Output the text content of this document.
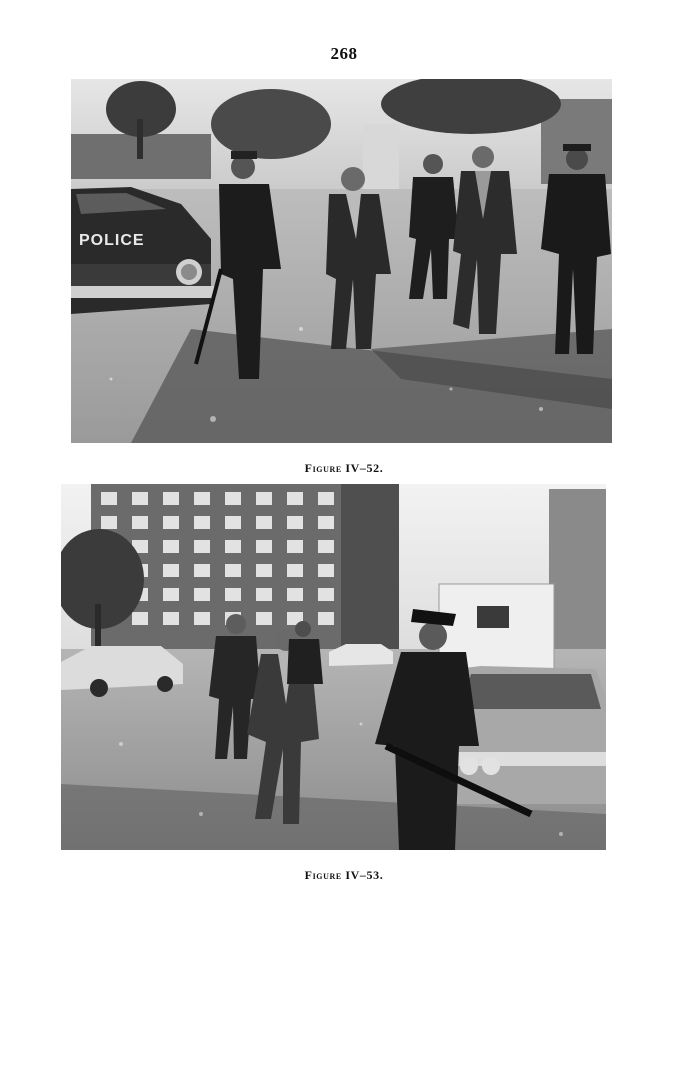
268
POLICE
Figure IV–52.
Figure IV–53.
